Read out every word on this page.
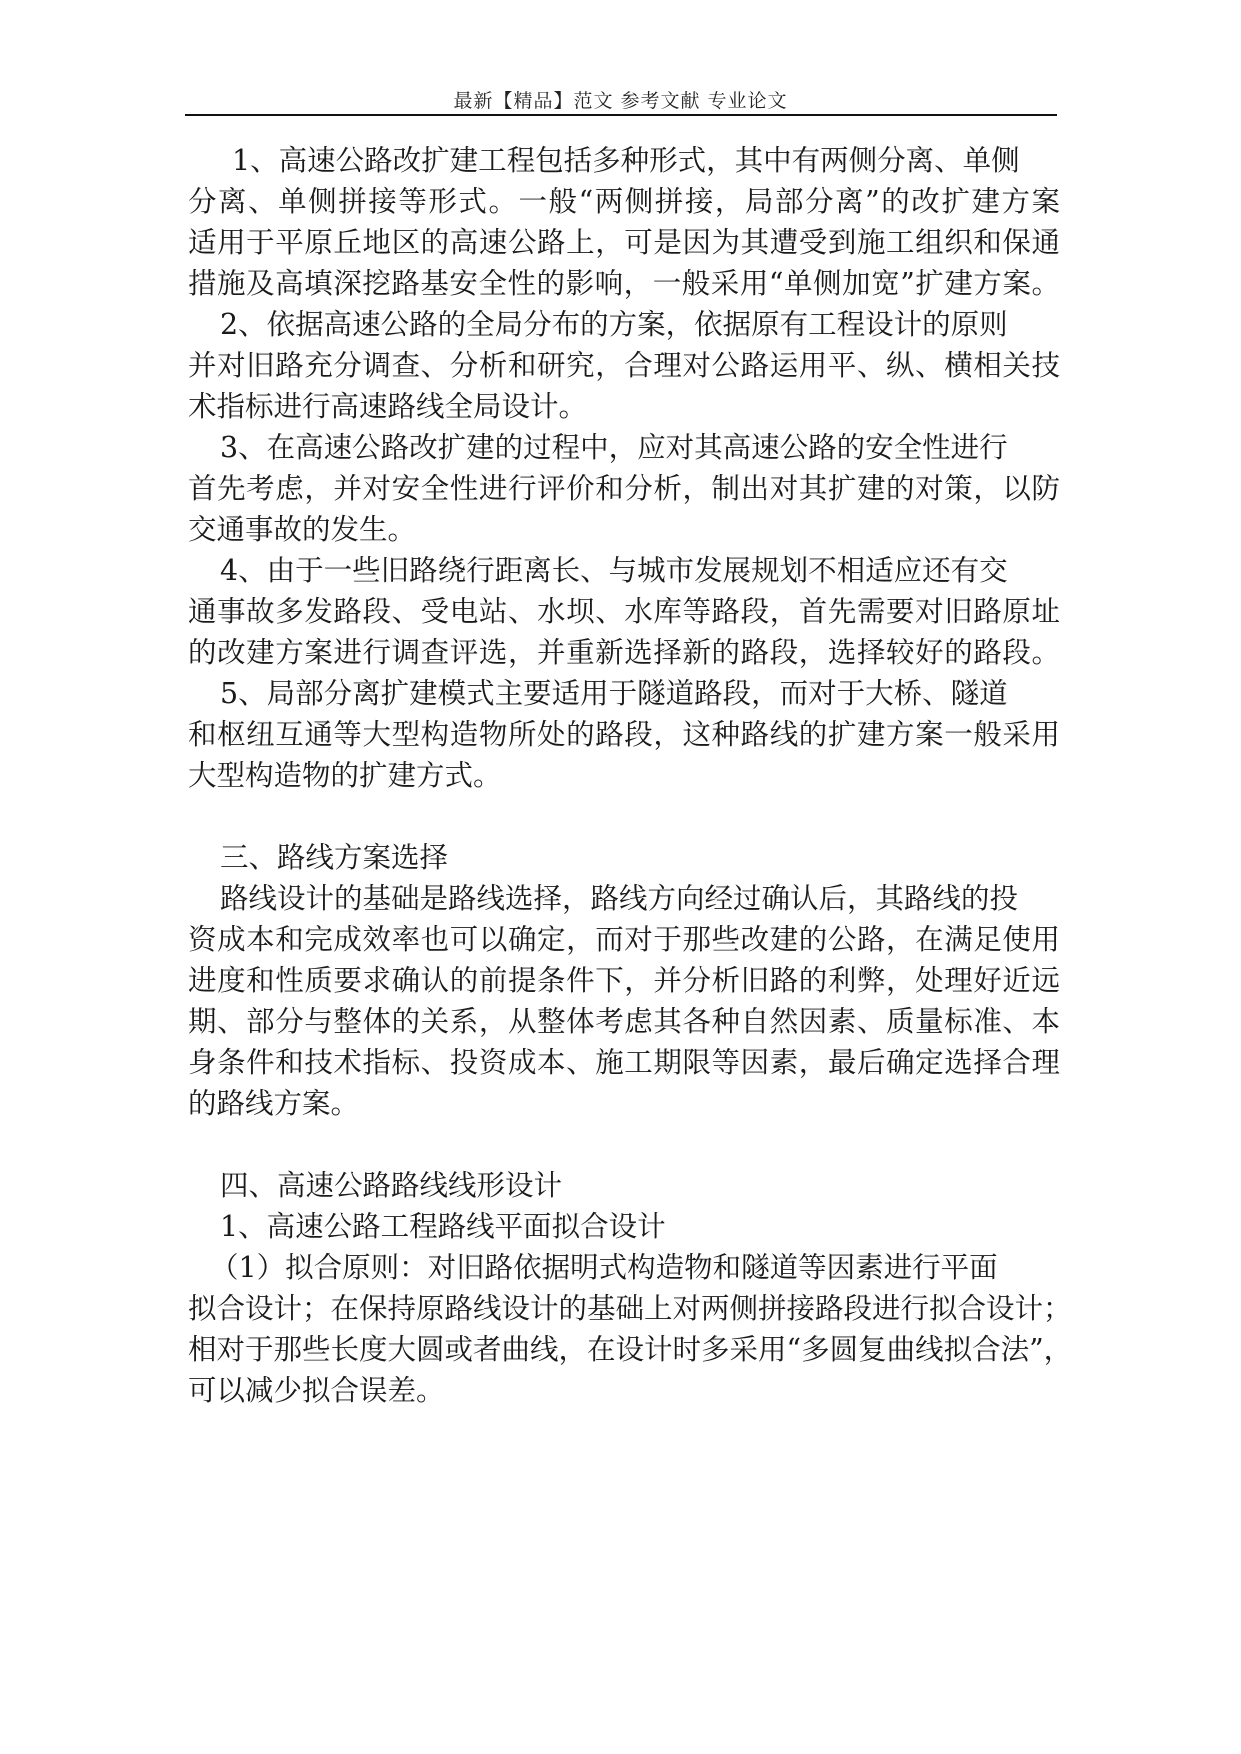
最新【精品】范文 参考文献 专业论文
1、高速公路改扩建工程包括多种形式，其中有两侧分离、单侧
分离、单侧拼接等形式。一般“两侧拼接，局部分离”的改扩建方案
适用于平原丘地区的高速公路上，可是因为其遭受到施工组织和保通
措施及高填深挖路基安全性的影响，一般采用“单侧加宽”扩建方案。
2、依据高速公路的全局分布的方案，依据原有工程设计的原则
并对旧路充分调查、分析和研究，合理对公路运用平、纵、横相关技
术指标进行高速路线全局设计。
3、在高速公路改扩建的过程中，应对其高速公路的安全性进行
首先考虑，并对安全性进行评价和分析，制出对其扩建的对策，以防
交通事故的发生。
4、由于一些旧路绕行距离长、与城市发展规划不相适应还有交
通事故多发路段、受电站、水坝、水库等路段，首先需要对旧路原址
的改建方案进行调查评选，并重新选择新的路段，选择较好的路段。
5、局部分离扩建模式主要适用于隧道路段，而对于大桥、隧道
和枢纽互通等大型构造物所处的路段，这种路线的扩建方案一般采用
大型构造物的扩建方式。
三、路线方案选择
路线设计的基础是路线选择，路线方向经过确认后，其路线的投
资成本和完成效率也可以确定，而对于那些改建的公路，在满足使用
进度和性质要求确认的前提条件下，并分析旧路的利弊，处理好近远
期、部分与整体的关系，从整体考虑其各种自然因素、质量标准、本
身条件和技术指标、投资成本、施工期限等因素，最后确定选择合理
的路线方案。
四、高速公路路线线形设计
1、高速公路工程路线平面拟合设计
（1）拟合原则：对旧路依据明式构造物和隧道等因素进行平面
拟合设计；在保持原路线设计的基础上对两侧拼接路段进行拟合设计；
相对于那些长度大圆或者曲线，在设计时多采用“多圆复曲线拟合法”，
可以减少拟合误差。
